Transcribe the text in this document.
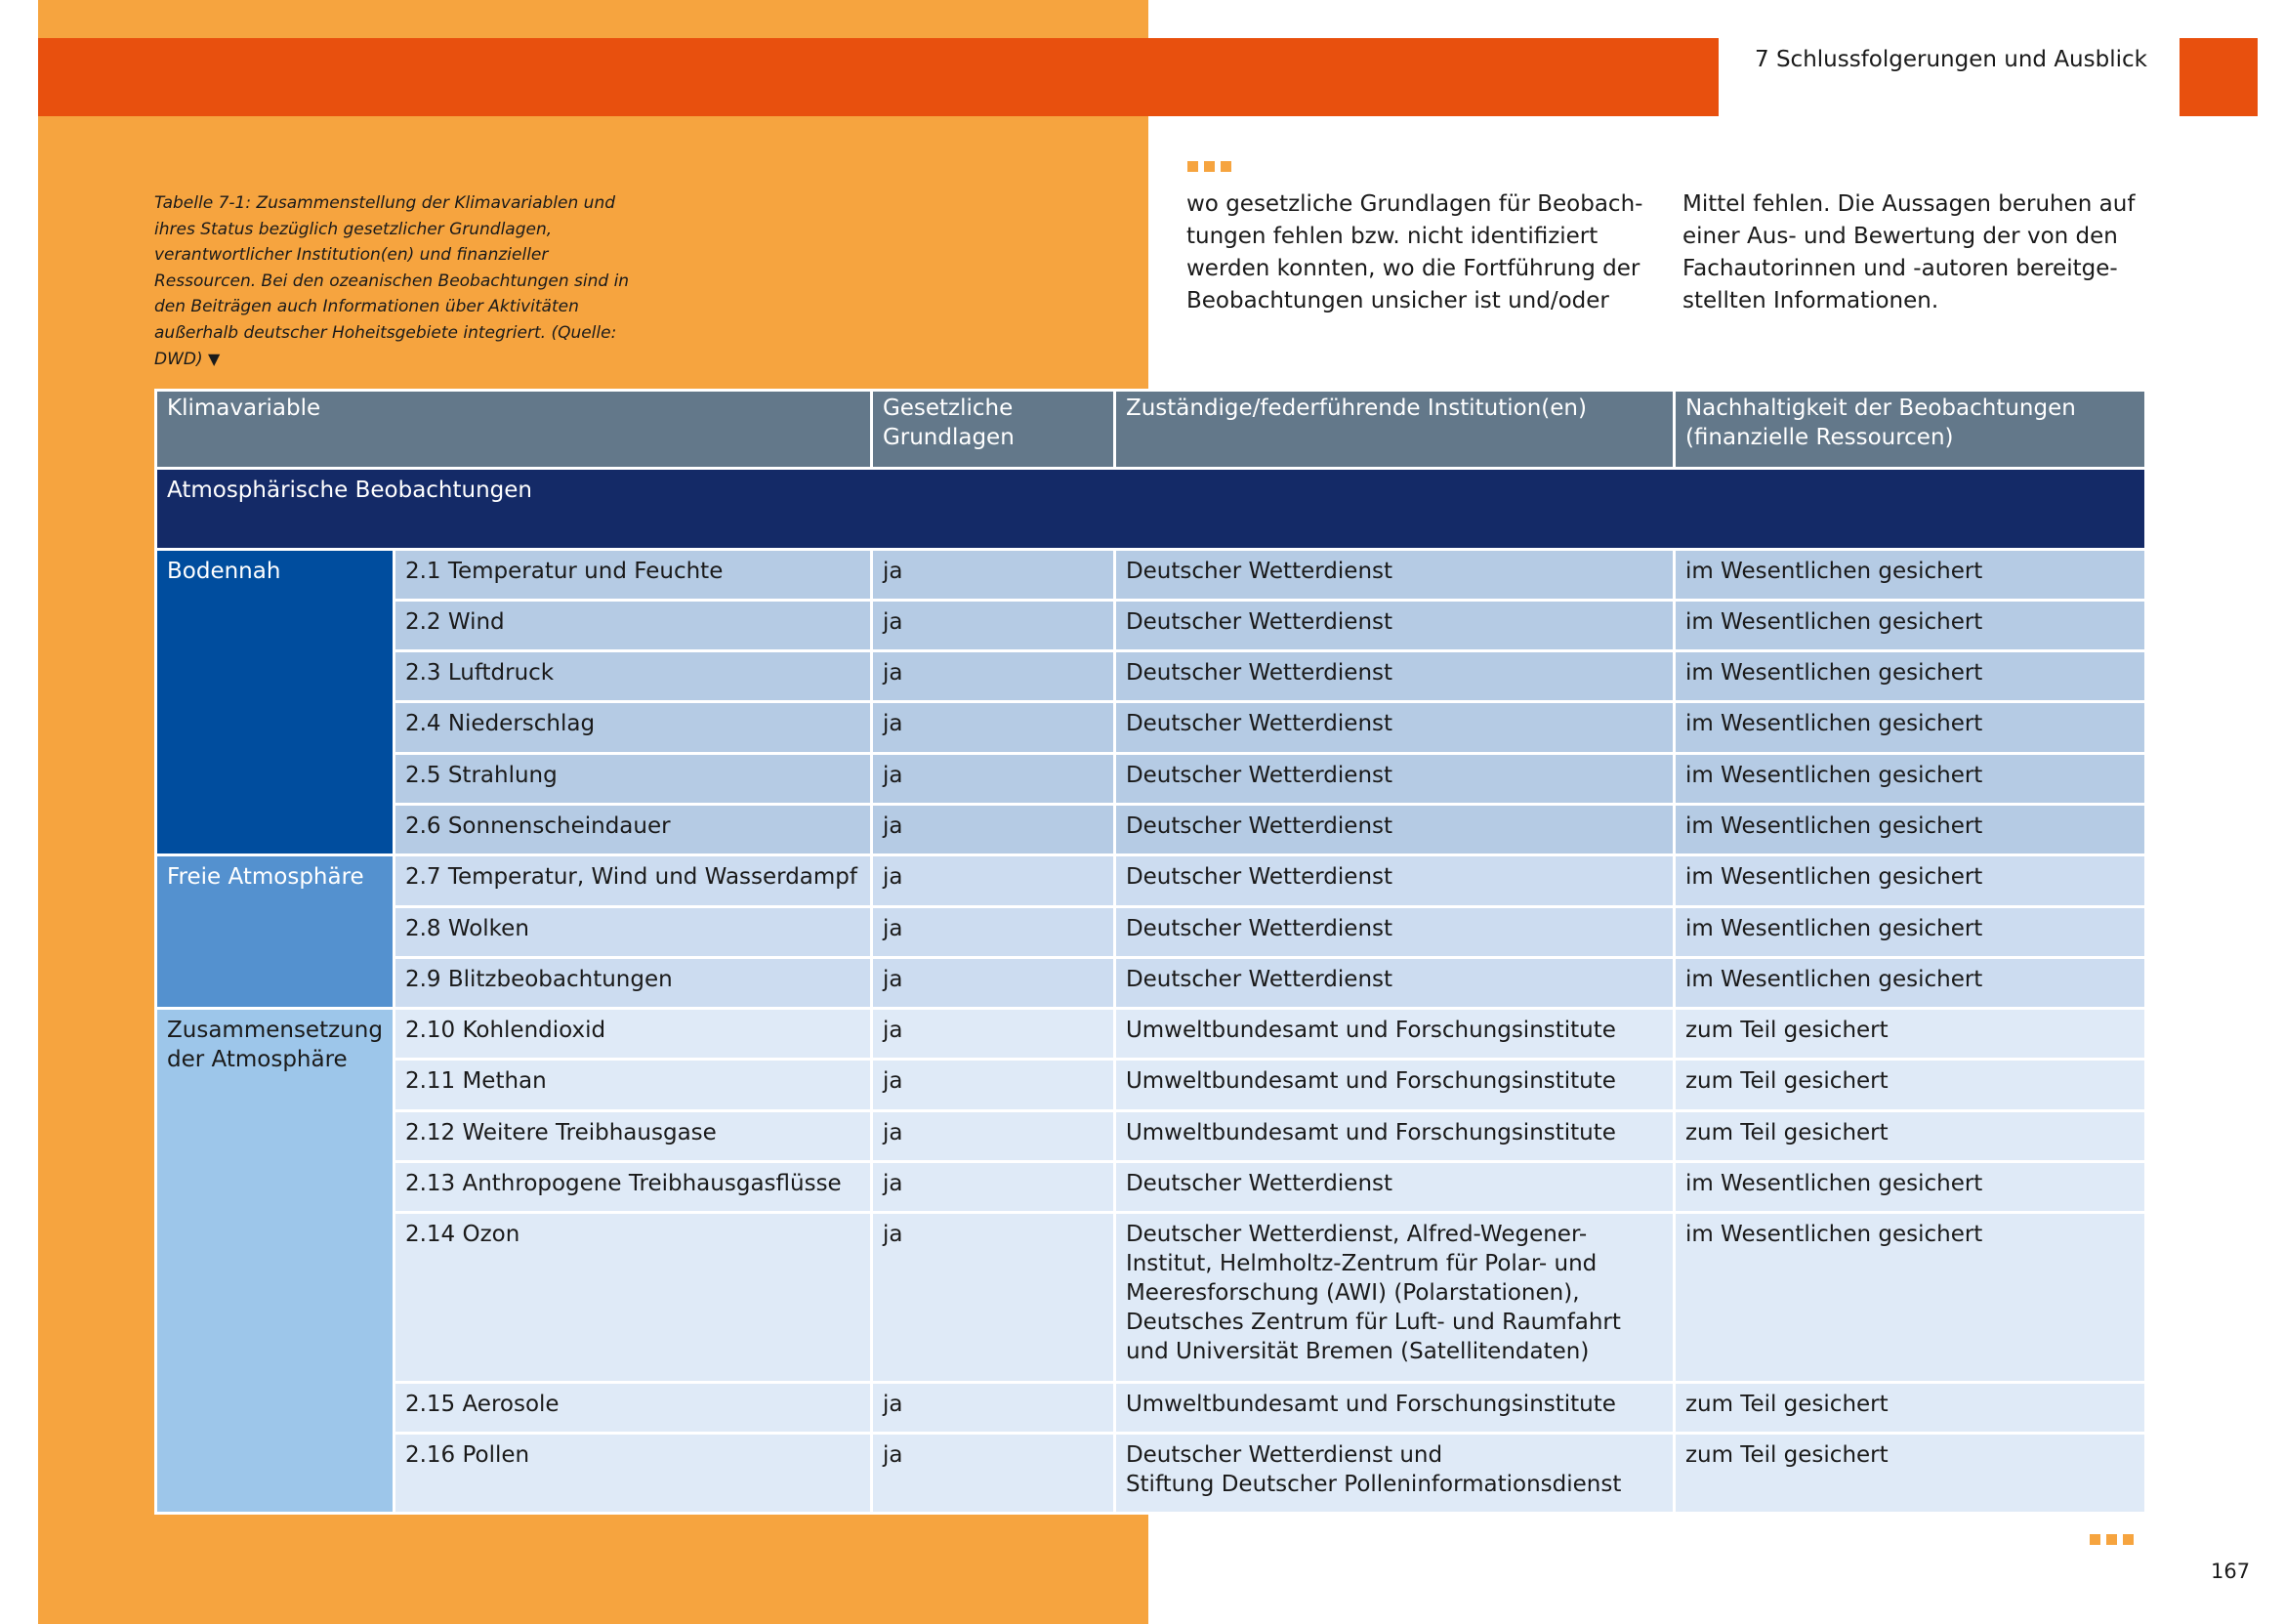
7 Schlussfolgerungen und Ausblick
Tabelle 7-1: Zusammenstellung der Klimavariablen und ihres Status bezüglich gesetzlicher Grundlagen, verantwortlicher Institution(en) und finanzieller Ressourcen. Bei den ozeanischen Beobachtungen sind in den Beiträgen auch Informationen über Aktivitäten außerhalb deutscher Hoheitsgebiete integriert. (Quelle: DWD) ▼

wo gesetzliche Grundlagen für Beobach-

tungen fehlen bzw. nicht identifiziert

werden konnten, wo die Fortführung der

Beobachtungen unsicher ist und/oder

Mittel fehlen. Die Aussagen beruhen auf

einer Aus- und Bewertung der von den

Fachautorinnen und -autoren bereitge-

stellten Informationen.

Klimavariable		Gesetzliche
Grundlagen	Zuständige/federführende Institution(en)	Nachhaltigkeit der Beobachtungen
(finanzielle Ressourcen)
Atmosphärische Beobachtungen				
Bodennah	2.1 Temperatur und Feuchte	ja	Deutscher Wetterdienst	im Wesentlichen gesichert
	2.2 Wind	ja	Deutscher Wetterdienst	im Wesentlichen gesichert
	2.3 Luftdruck	ja	Deutscher Wetterdienst	im Wesentlichen gesichert
	2.4 Niederschlag	ja	Deutscher Wetterdienst	im Wesentlichen gesichert
	2.5 Strahlung	ja	Deutscher Wetterdienst	im Wesentlichen gesichert
	2.6 Sonnenscheindauer	ja	Deutscher Wetterdienst	im Wesentlichen gesichert
Freie Atmosphäre	2.7 Temperatur, Wind und Wasserdampf	ja	Deutscher Wetterdienst	im Wesentlichen gesichert
	2.8 Wolken	ja	Deutscher Wetterdienst	im Wesentlichen gesichert
	2.9 Blitzbeobachtungen	ja	Deutscher Wetterdienst	im Wesentlichen gesichert
Zusammensetzung
der Atmosphäre	2.10 Kohlendioxid	ja	Umweltbundesamt und Forschungsinstitute	zum Teil gesichert
	2.11 Methan	ja	Umweltbundesamt und Forschungsinstitute	zum Teil gesichert
	2.12 Weitere Treibhausgase	ja	Umweltbundesamt und Forschungsinstitute	zum Teil gesichert
	2.13 Anthropogene Treibhausgasflüsse	ja	Deutscher Wetterdienst	im Wesentlichen gesichert
	2.14 Ozon	ja	Deutscher Wetterdienst, Alfred-Wegener-
Institut, Helmholtz-Zentrum für Polar- und
Meeresforschung (AWI) (Polarstationen),
Deutsches Zentrum für Luft- und Raumfahrt
und Universität Bremen (Satellitendaten)	im Wesentlichen gesichert
	2.15 Aerosole	ja	Umweltbundesamt und Forschungsinstitute	zum Teil gesichert
	2.16 Pollen	ja	Deutscher Wetterdienst und
Stiftung Deutscher Polleninformationsdienst	zum Teil gesichert
167
